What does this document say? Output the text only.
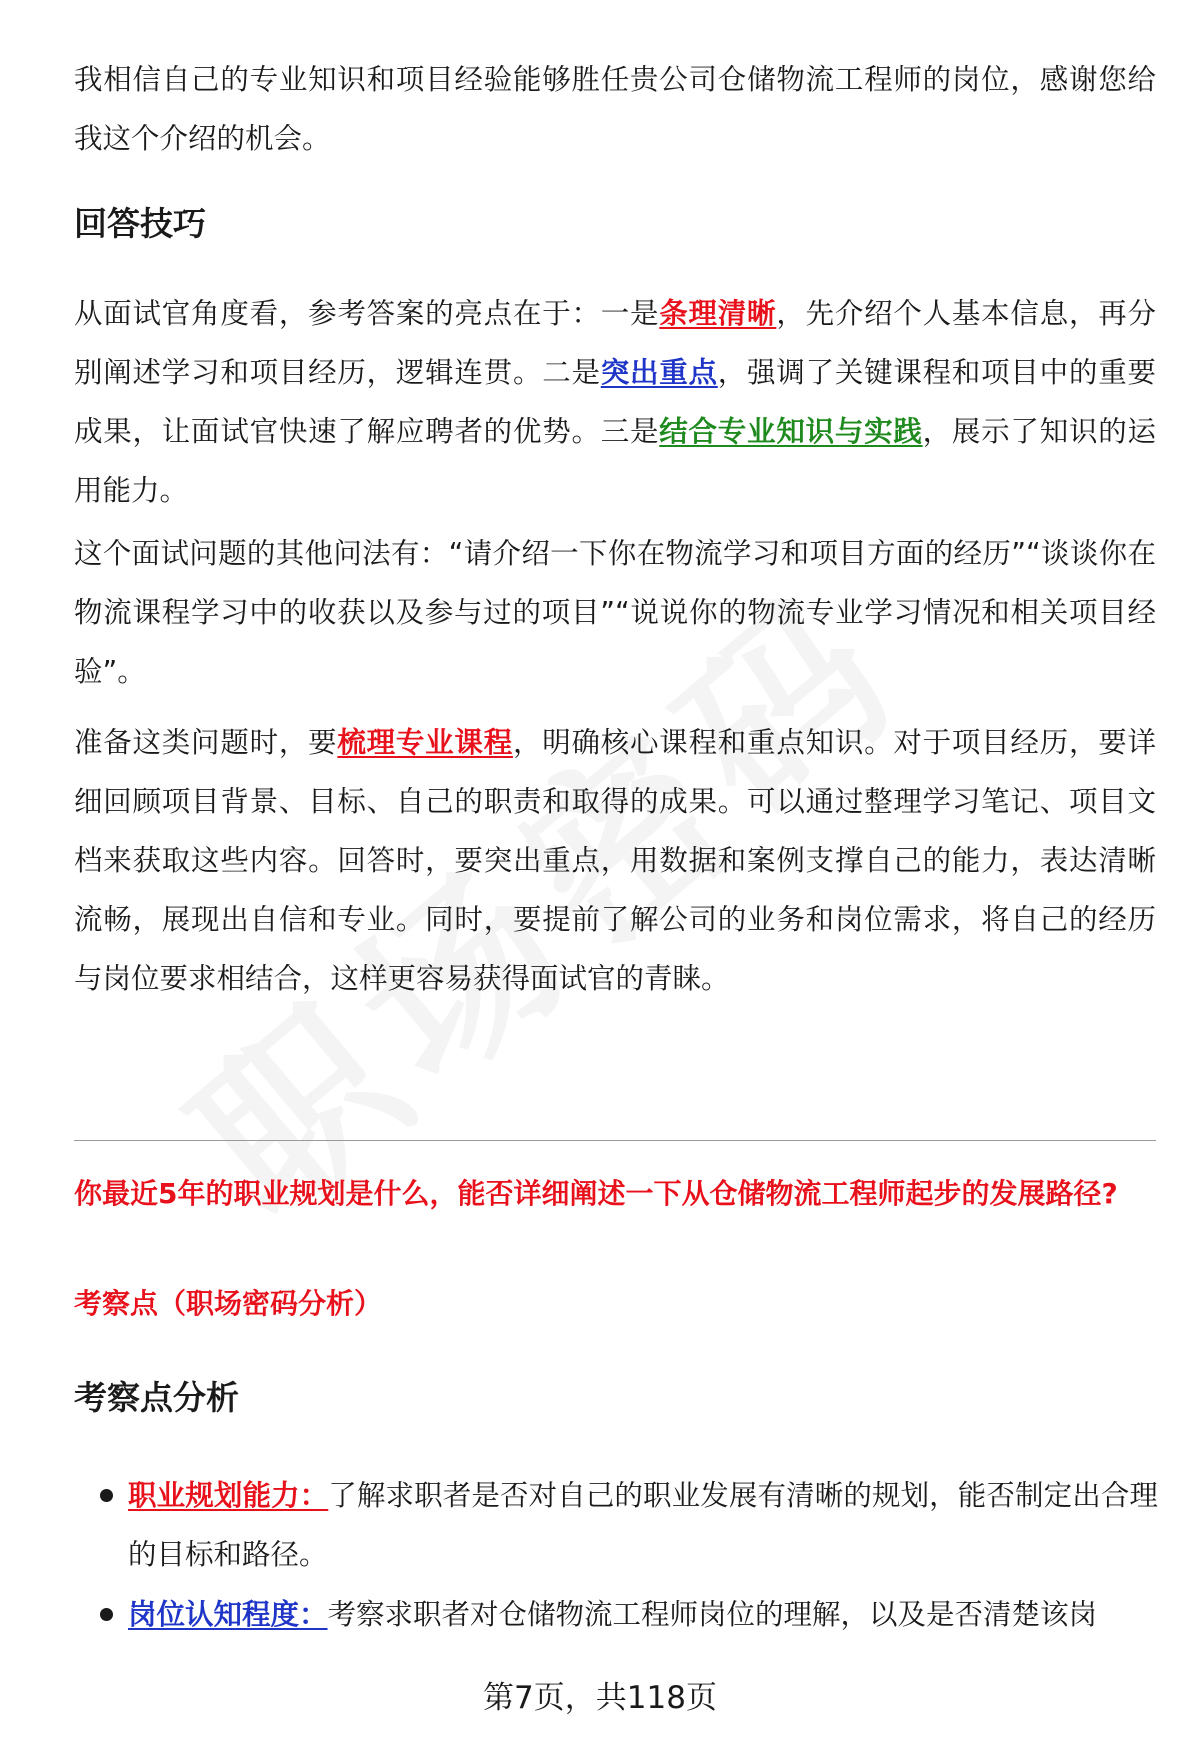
我相信自己的专业知识和项目经验能够胜任贵公司仓储物流工程师的岗位，感谢您给我这个介绍的机会。

回答技巧

从面试官角度看，参考答案的亮点在于：一是条理清晰，先介绍个人基本信息，再分别阐述学习和项目经历，逻辑连贯。二是突出重点，强调了关键课程和项目中的重要成果，让面试官快速了解应聘者的优势。三是结合专业知识与实践，展示了知识的运用能力。

这个面试问题的其他问法有：“请介绍一下你在物流学习和项目方面的经历”“谈谈你在物流课程学习中的收获以及参与过的项目”“说说你的物流专业学习情况和相关项目经验”。

准备这类问题时，要梳理专业课程，明确核心课程和重点知识。对于项目经历，要详细回顾项目背景、目标、自己的职责和取得的成果。可以通过整理学习笔记、项目文档来获取这些内容。回答时，要突出重点，用数据和案例支撑自己的能力，表达清晰流畅，展现出自信和专业。同时，要提前了解公司的业务和岗位需求，将自己的经历与岗位要求相结合，这样更容易获得面试官的青睐。

你最近5年的职业规划是什么，能否详细阐述一下从仓储物流工程师起步的发展路径?

考察点（职场密码分析）

考察点分析

职业规划能力：了解求职者是否对自己的职业发展有清晰的规划，能否制定出合理的目标和路径。

岗位认知程度：考察求职者对仓储物流工程师岗位的理解，以及是否清楚该岗

第7页，共118页
